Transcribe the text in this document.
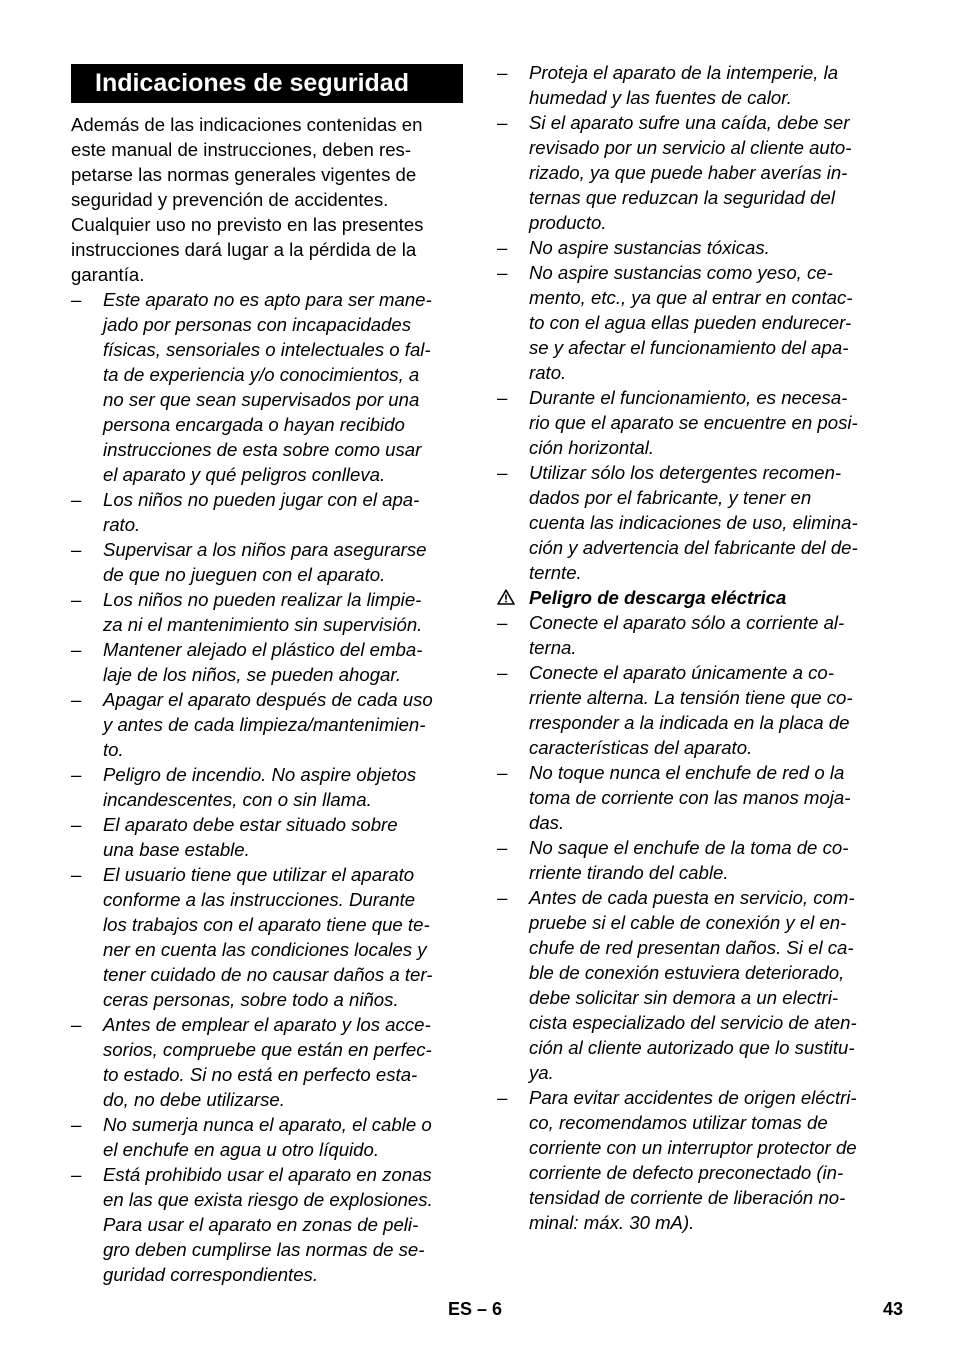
Indicaciones de seguridad

Además de las indicaciones contenidas en
este manual de instrucciones, deben res-
petarse las normas generales vigentes de
seguridad y prevención de accidentes.
Cualquier uso no previsto en las presentes
instrucciones dará lugar a la pérdida de la
garantía.

– Este aparato no es apto para ser mane-
jado por personas con incapacidades
físicas, sensoriales o intelectuales o fal-
ta de experiencia y/o conocimientos, a
no ser que sean supervisados por una
persona encargada o hayan recibido
instrucciones de esta sobre como usar
el aparato y qué peligros conlleva.
– Los niños no pueden jugar con el apa-
rato.
– Supervisar a los niños para asegurarse
de que no jueguen con el aparato.
– Los niños no pueden realizar la limpie-
za ni el mantenimiento sin supervisión.
– Mantener alejado el plástico del emba-
laje de los niños, se pueden ahogar.
– Apagar el aparato después de cada uso
y antes de cada limpieza/mantenimien-
to.
– Peligro de incendio. No aspire objetos
incandescentes, con o sin llama.
– El aparato debe estar situado sobre
una base estable.
– El usuario tiene que utilizar el aparato
conforme a las instrucciones. Durante
los trabajos con el aparato tiene que te-
ner en cuenta las condiciones locales y
tener cuidado de no causar daños a ter-
ceras personas, sobre todo a niños.
– Antes de emplear el aparato y los acce-
sorios, compruebe que están en perfec-
to estado. Si no está en perfecto esta-
do, no debe utilizarse.
– No sumerja nunca el aparato, el cable o
el enchufe en agua u otro líquido.
– Está prohibido usar el aparato en zonas
en las que exista riesgo de explosiones.
Para usar el aparato en zonas de peli-
gro deben cumplirse las normas de se-
guridad correspondientes.
– Proteja el aparato de la intemperie, la
humedad y las fuentes de calor.
– Si el aparato sufre una caída, debe ser
revisado por un servicio al cliente auto-
rizado, ya que puede haber averías in-
ternas que reduzcan la seguridad del
producto.
– No aspire sustancias tóxicas.
– No aspire sustancias como yeso, ce-
mento, etc., ya que al entrar en contac-
to con el agua ellas pueden endurecer-
se y afectar el funcionamiento del apa-
rato.
– Durante el funcionamiento, es necesa-
rio que el aparato se encuentre en posi-
ción horizontal.
– Utilizar sólo los detergentes recomen-
dados por el fabricante, y tener en
cuenta las indicaciones de uso, elimina-
ción y advertencia del fabricante del de-
ternte.
Peligro de descarga eléctrica
– Conecte el aparato sólo a corriente al-
terna.
– Conecte el aparato únicamente a co-
rriente alterna. La tensión tiene que co-
rresponder a la indicada en la placa de
características del aparato.
– No toque nunca el enchufe de red o la
toma de corriente con las manos moja-
das.
– No saque el enchufe de la toma de co-
rriente tirando del cable.
– Antes de cada puesta en servicio, com-
pruebe si el cable de conexión y el en-
chufe de red presentan daños. Si el ca-
ble de conexión estuviera deteriorado,
debe solicitar sin demora a un electri-
cista especializado del servicio de aten-
ción al cliente autorizado que lo sustitu-
ya.
– Para evitar accidentes de origen eléctri-
co, recomendamos utilizar tomas de
corriente con un interruptor protector de
corriente de defecto preconectado (in-
tensidad de corriente de liberación no-
minal: máx. 30 mA).
ES – 6	43
